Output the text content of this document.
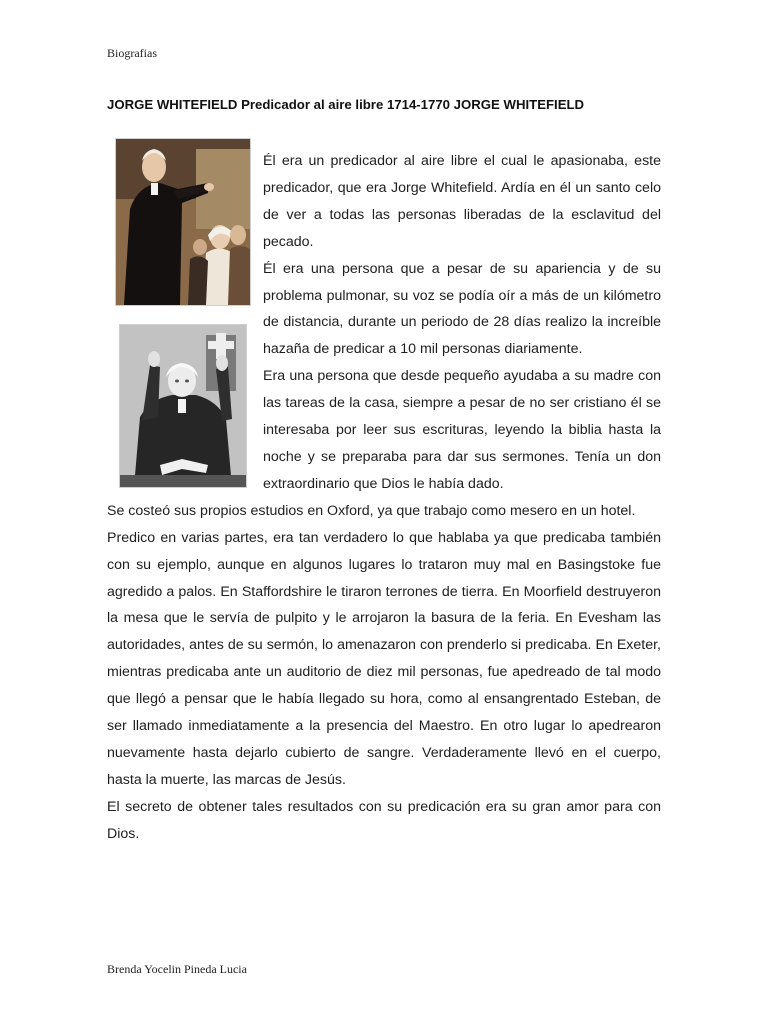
Biografias
JORGE WHITEFIELD Predicador al aire libre 1714-1770 JORGE WHITEFIELD

Él era un predicador al aire libre el cual le apasionaba, este predicador, que era Jorge Whitefield. Ardía en él un santo celo de ver a todas las personas liberadas de la esclavitud del pecado.

Él era una persona que a pesar de su apariencia y de su problema pulmonar, su voz se podía oír a más de un kilómetro de distancia, durante un periodo de 28 días realizo la increíble hazaña de predicar a 10 mil personas diariamente.

Era una persona que desde pequeño ayudaba a su madre con las tareas de la casa, siempre a pesar de no ser cristiano él se interesaba por leer sus escrituras, leyendo la biblia hasta la noche y se preparaba para dar sus sermones. Tenía un don extraordinario que Dios le había dado.

Se costeó sus propios estudios en Oxford, ya que trabajo como mesero en un hotel.

Predico en varias partes, era tan verdadero lo que hablaba ya que predicaba también con su ejemplo, aunque en algunos lugares lo trataron muy mal en Basingstoke fue agredido a palos. En Staffordshire le tiraron terrones de tierra. En Moorfield destruyeron la mesa que le servía de pulpito y le arrojaron la basura de la feria. En Evesham las autoridades, antes de su sermón, lo amenazaron con prenderlo si predicaba. En Exeter, mientras predicaba ante un auditorio de diez mil personas, fue apedreado de tal modo que llegó a pensar que le había llegado su hora, como al ensangrentado Esteban, de ser llamado inmediatamente a la presencia del Maestro. En otro lugar lo apedrearon nuevamente hasta dejarlo cubierto de sangre. Verdaderamente llevó en el cuerpo, hasta la muerte, las marcas de Jesús.

El secreto de obtener tales resultados con su predicación era su gran amor para con Dios.

Brenda Yocelin Pineda Lucia
